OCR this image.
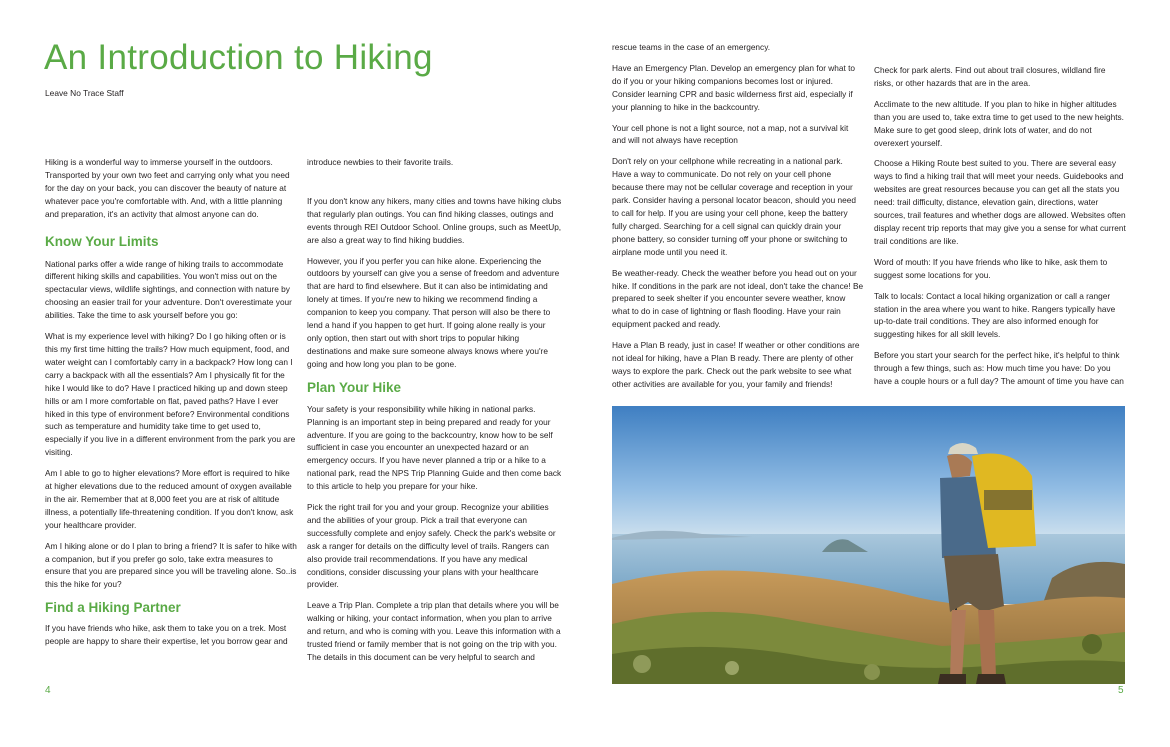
An Introduction to Hiking
Leave No Trace Staff

Hiking is a wonderful way to immerse yourself in the outdoors. Transported by your own two feet and carrying only what you need for the day on your back, you can discover the beauty of nature at whatever pace you're comfortable with. And, with a little planning and preparation, it's an activity that almost anyone can do.

Know Your Limits

National parks offer a wide range of hiking trails to accommodate different hiking skills and capabilities. You won't miss out on the spectacular views, wildlife sightings, and connection with nature by choosing an easier trail for your adventure. Don't overestimate your abilities. Take the time to ask yourself before you go:

What is my experience level with hiking? Do I go hiking often or is this my first time hitting the trails? How much equipment, food, and water weight can I comfortably carry in a backpack? How long can I carry a backpack with all the essentials? Am I physically fit for the hike I would like to do? Have I practiced hiking up and down steep hills or am I more comfortable on flat, paved paths? Have I ever hiked in this type of environment before? Environmental conditions such as temperature and humidity take time to get used to, especially if you live in a different environment from the park you are visiting.

Am I able to go to higher elevations? More effort is required to hike at higher elevations due to the reduced amount of oxygen available in the air. Remember that at 8,000 feet you are at risk of altitude illness, a potentially life-threatening condition. If you don't know, ask your healthcare provider.

Am I hiking alone or do I plan to bring a friend? It is safer to hike with a companion, but if you prefer go solo, take extra measures to ensure that you are prepared since you will be traveling alone. So..is this the hike for you?

Find a Hiking Partner

If you have friends who hike, ask them to take you on a trek. Most people are happy to share their expertise, let you borrow gear and

introduce newbies to their favorite trails.

If you don't know any hikers, many cities and towns have hiking clubs that regularly plan outings. You can find hiking classes, outings and events through REI Outdoor School. Online groups, such as MeetUp, are also a great way to find hiking buddies.

However, you if you perfer you can hike alone. Experiencing the outdoors by yourself can give you a sense of freedom and adventure that are hard to find elsewhere. But it can also be intimidating and lonely at times. If you're new to hiking we recommend finding a companion to keep you company. That person will also be there to lend a hand if you happen to get hurt. If going alone really is your only option, then start out with short trips to popular hiking destinations and make sure someone always knows where you're going and how long you plan to be gone.

Plan Your Hike

Your safety is your responsibility while hiking in national parks. Planning is an important step in being prepared and ready for your adventure. If you are going to the backcountry, know how to be self sufficient in case you encounter an unexpected hazard or an emergency occurs. If you have never planned a trip or a hike to a national park, read the NPS Trip Planning Guide and then come back to this article to help you prepare for your hike.

Pick the right trail for you and your group. Recognize your abilities and the abilities of your group. Pick a trail that everyone can successfully complete and enjoy safely. Check the park's website or ask a ranger for details on the difficulty level of trails. Rangers can also provide trail recommendations. If you have any medical conditions, consider discussing your plans with your healthcare provider.

Leave a Trip Plan. Complete a trip plan that details where you will be walking or hiking, your contact information, when you plan to arrive and return, and who is coming with you. Leave this information with a trusted friend or family member that is not going on the trip with you. The details in this document can be very helpful to search and

4

rescue teams in the case of an emergency.

Have an Emergency Plan. Develop an emergency plan for what to do if you or your hiking companions becomes lost or injured. Consider learning CPR and basic wilderness first aid, especially if your planning to hike in the backcountry.

Your cell phone is not a light source, not a map, not a survival kit and will not always have reception

Don't rely on your cellphone while recreating in a national park. Have a way to communicate. Do not rely on your cell phone because there may not be cellular coverage and reception in your park. Consider having a personal locator beacon, should you need to call for help. If you are using your cell phone, keep the battery fully charged. Searching for a cell signal can quickly drain your phone battery, so consider turning off your phone or switching to airplane mode until you need it.

Be weather-ready. Check the weather before you head out on your hike. If conditions in the park are not ideal, don't take the chance! Be prepared to seek shelter if you encounter severe weather, know what to do in case of lightning or flash flooding. Have your rain equipment packed and ready.

Have a Plan B ready, just in case! If weather or other conditions are not ideal for hiking, have a Plan B ready. There are plenty of other ways to explore the park. Check out the park website to see what other activities are available for you, your family and friends!

Check for park alerts. Find out about trail closures, wildland fire risks, or other hazards that are in the area.

Acclimate to the new altitude. If you plan to hike in higher altitudes than you are used to, take extra time to get used to the new heights. Make sure to get good sleep, drink lots of water, and do not overexert yourself.

Choose a Hiking Route best suited to you. There are several easy ways to find a hiking trail that will meet your needs. Guidebooks and websites are great resources because you can get all the stats you need: trail difficulty, distance, elevation gain, directions, water sources, trail features and whether dogs are allowed. Websites often display recent trip reports that may give you a sense for what current trail conditions are like.

Word of mouth: If you have friends who like to hike, ask them to suggest some locations for you.

Talk to locals: Contact a local hiking organization or call a ranger station in the area where you want to hike. Rangers typically have up-to-date trail conditions. They are also informed enough for suggesting hikes for all skill levels.

Before you start your search for the perfect hike, it's helpful to think through a few things, such as: How much time you have: Do you have a couple hours or a full day? The amount of time you have can

5
